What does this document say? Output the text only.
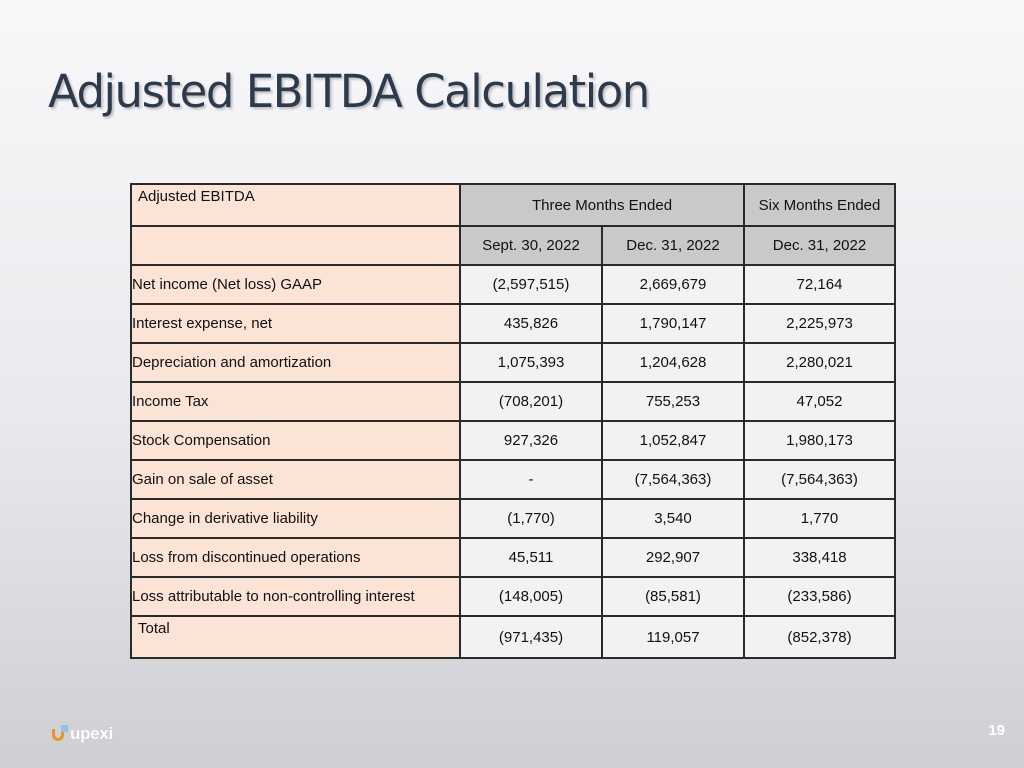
Adjusted EBITDA Calculation
Adjusted EBITDA	Three Months Ended		Six Months Ended
	Sept. 30, 2022	Dec. 31, 2022	Dec. 31, 2022
Net income (Net loss) GAAP	(2,597,515)	2,669,679	72,164
Interest expense, net	435,826	1,790,147	2,225,973
Depreciation and amortization	1,075,393	1,204,628	2,280,021
Income Tax	(708,201)	755,253	47,052
Stock Compensation	927,326	1,052,847	1,980,173
Gain on sale of asset	-	(7,564,363)	(7,564,363)
Change in derivative liability	(1,770)	3,540	1,770
Loss from discontinued operations	45,511	292,907	338,418
Loss attributable to non-controlling interest	(148,005)	(85,581)	(233,586)
Total	(971,435)	119,057	(852,378)
upexi	19
